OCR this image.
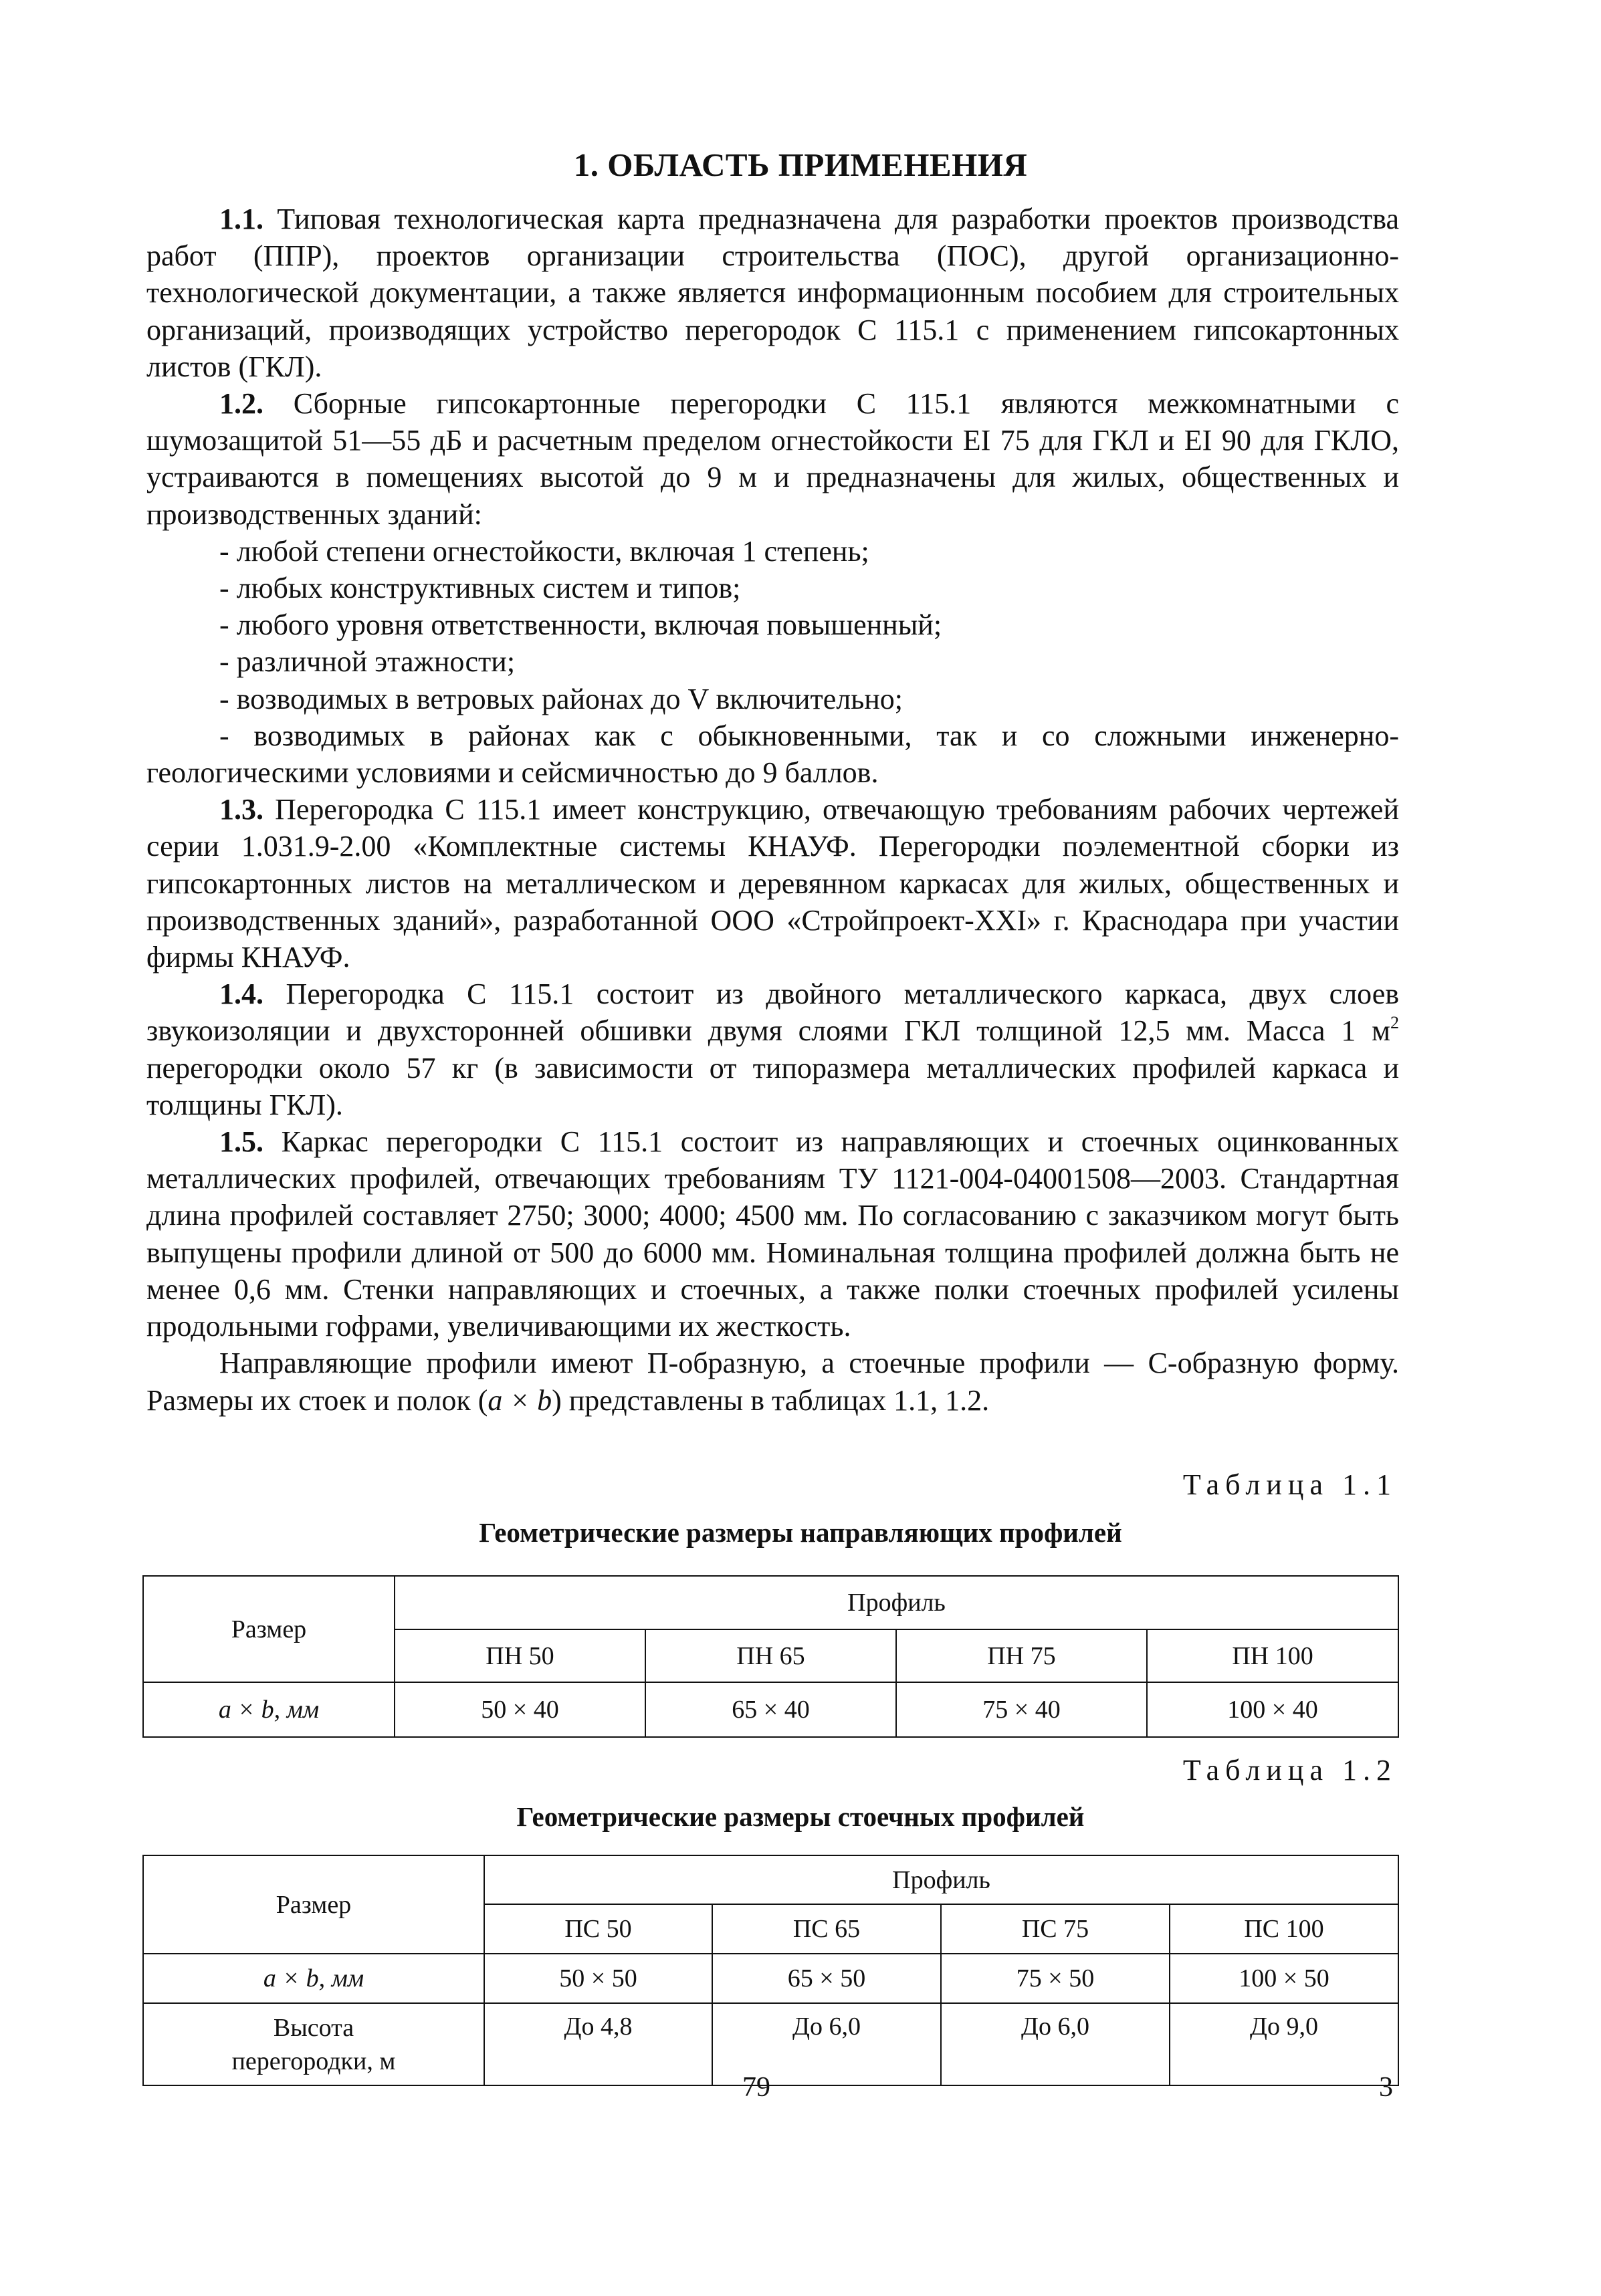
1. ОБЛАСТЬ ПРИМЕНЕНИЯ

1.1. Типовая технологическая карта предназначена для разработки проектов производства работ (ППР), проектов организации строительства (ПОС), другой организационно-технологической документации, а также является информационным пособием для строительных организаций, производящих устройство перегородок С 115.1 с применением гипсокартонных листов (ГКЛ).

1.2. Сборные гипсокартонные перегородки С 115.1 являются межкомнатными с шумозащитой 51—55 дБ и расчетным пределом огнестойкости EI 75 для ГКЛ и EI 90 для ГКЛО, устраиваются в помещениях высотой до 9 м и предназначены для жилых, общественных и производственных зданий:

- любой степени огнестойкости, включая 1 степень;

- любых конструктивных систем и типов;

- любого уровня ответственности, включая повышенный;

- различной этажности;

- возводимых в ветровых районах до V включительно;

- возводимых в районах как с обыкновенными, так и со сложными инженерно-геологическими условиями и сейсмичностью до 9 баллов.

1.3. Перегородка С 115.1 имеет конструкцию, отвечающую требованиям рабочих чертежей серии 1.031.9-2.00 «Комплектные системы КНАУФ. Перегородки поэлементной сборки из гипсокартонных листов на металлическом и деревянном каркасах для жилых, общественных и производственных зданий», разработанной ООО «Стройпроект-XXI» г. Краснодара при участии фирмы КНАУФ.

1.4. Перегородка С 115.1 состоит из двойного металлического каркаса, двух слоев звукоизоляции и двухсторонней обшивки двумя слоями ГКЛ толщиной 12,5 мм. Масса 1 $м^2$ перегородки около 57 кг (в зависимости от типоразмера металлических профилей каркаса и толщины ГКЛ).

1.5. Каркас перегородки С 115.1 состоит из направляющих и стоечных оцинкованных металлических профилей, отвечающих требованиям ТУ 1121-004-04001508—2003. Стандартная длина профилей составляет 2750; 3000; 4000; 4500 мм. По согласованию с заказчиком могут быть выпущены профили длиной от 500 до 6000 мм. Номинальная толщина профилей должна быть не менее 0,6 мм. Стенки направляющих и стоечных, а также полки стоечных профилей усилены продольными гофрами, увеличивающими их жесткость.

Направляющие профили имеют П-образную, а стоечные профили — С-образную форму. Размеры их стоек и полок (a × b) представлены в таблицах 1.1, 1.2.

Таблица 1.1
Геометрические размеры направляющих профилей
Размер	Профиль			
	ПН 50	ПН 65	ПН 75	ПН 100
a × b, мм	50 × 40	65 × 40	75 × 40	100 × 40
Таблица 1.2
Геометрические размеры стоечных профилей
Размер	Профиль			
	ПС 50	ПС 65	ПС 75	ПС 100
a × b, мм	50 × 50	65 × 50	75 × 50	100 × 50

Высота перегородки, м	До 4,8	До 6,0	До 6,0	До 9,0
79	3
